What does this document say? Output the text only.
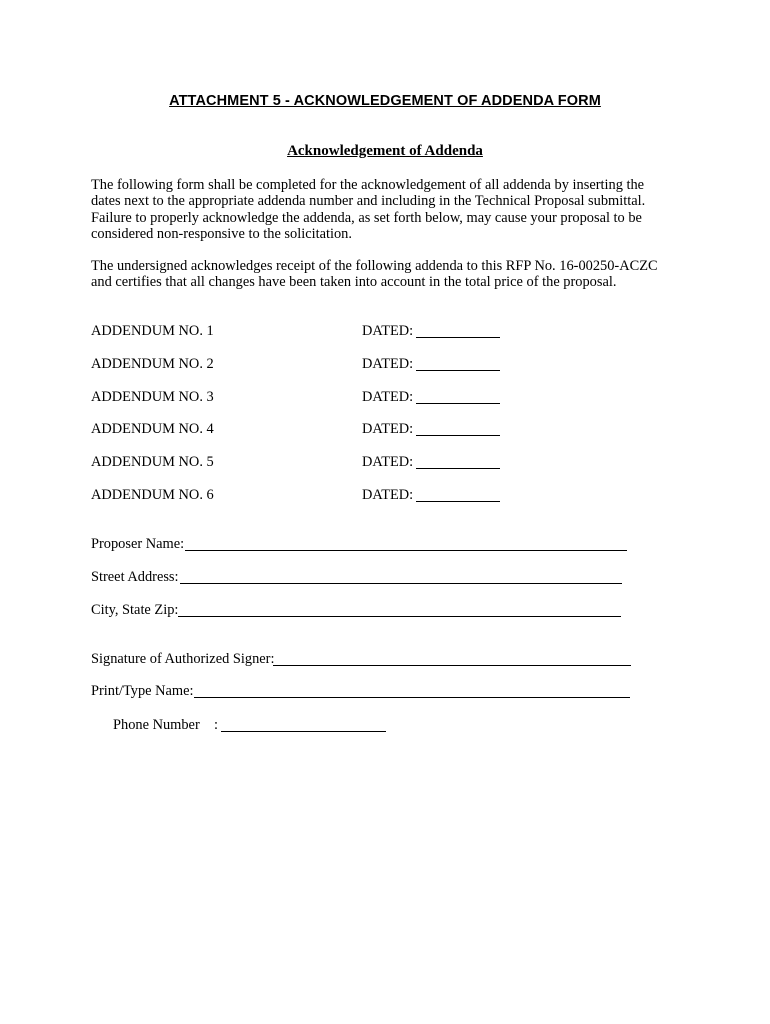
ATTACHMENT 5 - ACKNOWLEDGEMENT OF ADDENDA FORM
Acknowledgement of Addenda
The following form shall be completed for the acknowledgement of all addenda by inserting the dates next to the appropriate addenda number and including in the Technical Proposal submittal. Failure to properly acknowledge the addenda, as set forth below, may cause your proposal to be considered non-responsive to the solicitation.
The undersigned acknowledges receipt of the following addenda to this RFP No. 16-00250-ACZC and certifies that all changes have been taken into account in the total price of the proposal.
ADDENDUM NO. 1	DATED:
ADDENDUM NO. 2	DATED:
ADDENDUM NO. 3	DATED:
ADDENDUM NO. 4	DATED:
ADDENDUM NO. 5	DATED:
ADDENDUM NO. 6	DATED:
Proposer Name:
Street Address:
City, State Zip:
Signature of Authorized Signer:
Print/Type Name:
Phone Number :
